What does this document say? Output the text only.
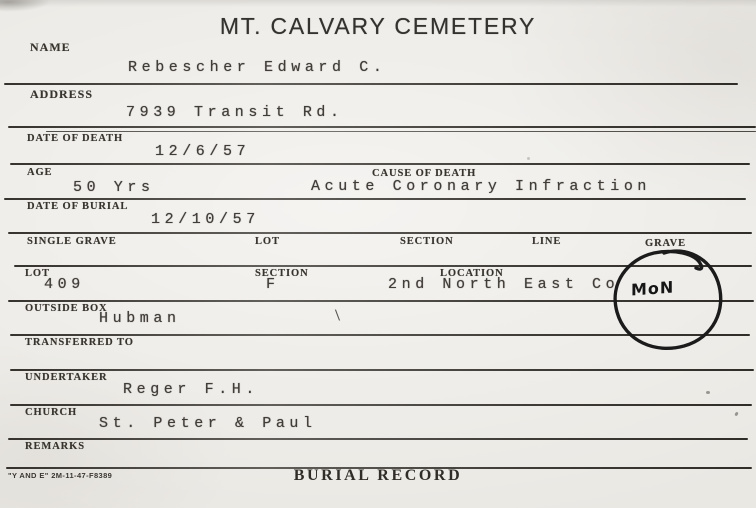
MT. CALVARY CEMETERY
NAME
Rebescher Edward C.
ADDRESS
7939 Transit Rd.
DATE OF DEATH
12/6/57
AGE	CAUSE OF DEATH
50 Yrs	Acute Coronary Infraction
DATE OF BURIAL
12/10/57
SINGLE GRAVE	LOT	SECTION	LINE	GRAVE
LOT	SECTION	LOCATION
409	F	2nd North East Co
OUTSIDE BOX
Hubman	\
TRANSFERRED TO
UNDERTAKER
Reger F.H.
CHURCH
St. Peter & Paul
REMARKS
"Y AND E" 2M-11-47-F8389	BURIAL RECORD
MoN
